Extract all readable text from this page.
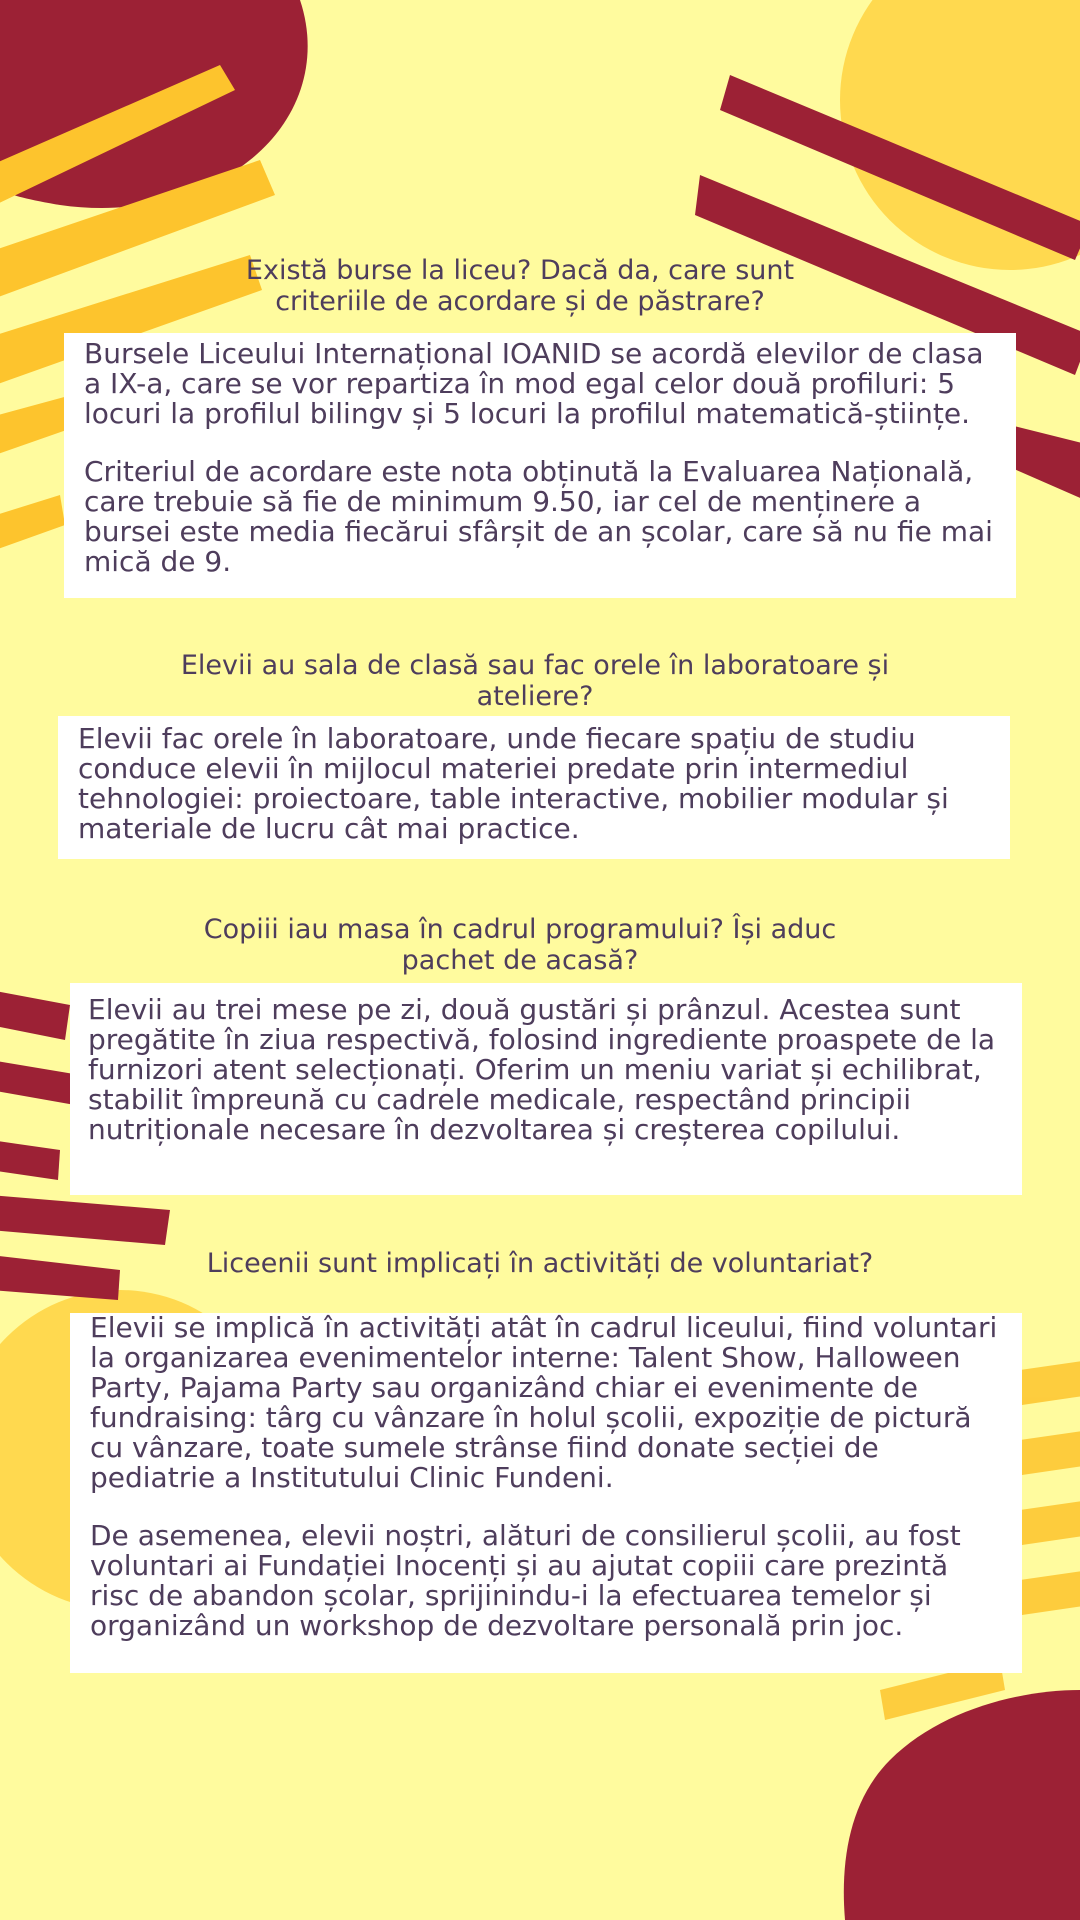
Există burse la liceu? Dacă da, care sunt criteriile de acordare și de păstrare?

Bursele Liceului Internațional IOANID se acordă elevilor de clasa a IX-a, care se vor repartiza în mod egal celor două profiluri: 5 locuri la profilul bilingv și 5 locuri la profilul matematică-științe.

Criteriul de acordare este nota obținută la Evaluarea Națională, care trebuie să fie de minimum 9.50, iar cel de menținere a bursei este media fiecărui sfârșit de an școlar, care să nu fie mai mică de 9.

Elevii au sala de clasă sau fac orele în laboratoare și ateliere?

Elevii fac orele în laboratoare, unde fiecare spațiu de studiu conduce elevii în mijlocul materiei predate prin intermediul tehnologiei: proiectoare, table interactive, mobilier modular și materiale de lucru cât mai practice.

Copiii iau masa în cadrul programului? Își aduc pachet de acasă?

Elevii au trei mese pe zi, două gustări și prânzul. Acestea sunt pregătite în ziua respectivă, folosind ingrediente proaspete de la furnizori atent selecționați. Oferim un meniu variat și echilibrat, stabilit împreună cu cadrele medicale, respectând principii nutriționale necesare în dezvoltarea și creșterea copilului.

Liceenii sunt implicați în activități de voluntariat?

Elevii se implică în activități atât în cadrul liceului, fiind voluntari la organizarea evenimentelor interne: Talent Show, Halloween Party, Pajama Party sau organizând chiar ei evenimente de fundraising: târg cu vânzare în holul școlii, expoziție de pictură cu vânzare, toate sumele strânse fiind donate secției de pediatrie a Institutului Clinic Fundeni.

De asemenea, elevii noștri, alături de consilierul școlii, au fost voluntari ai Fundației Inocenți și au ajutat copiii care prezintă risc de abandon școlar, sprijinindu-i la efectuarea temelor și organizând un workshop de dezvoltare personală prin joc.
